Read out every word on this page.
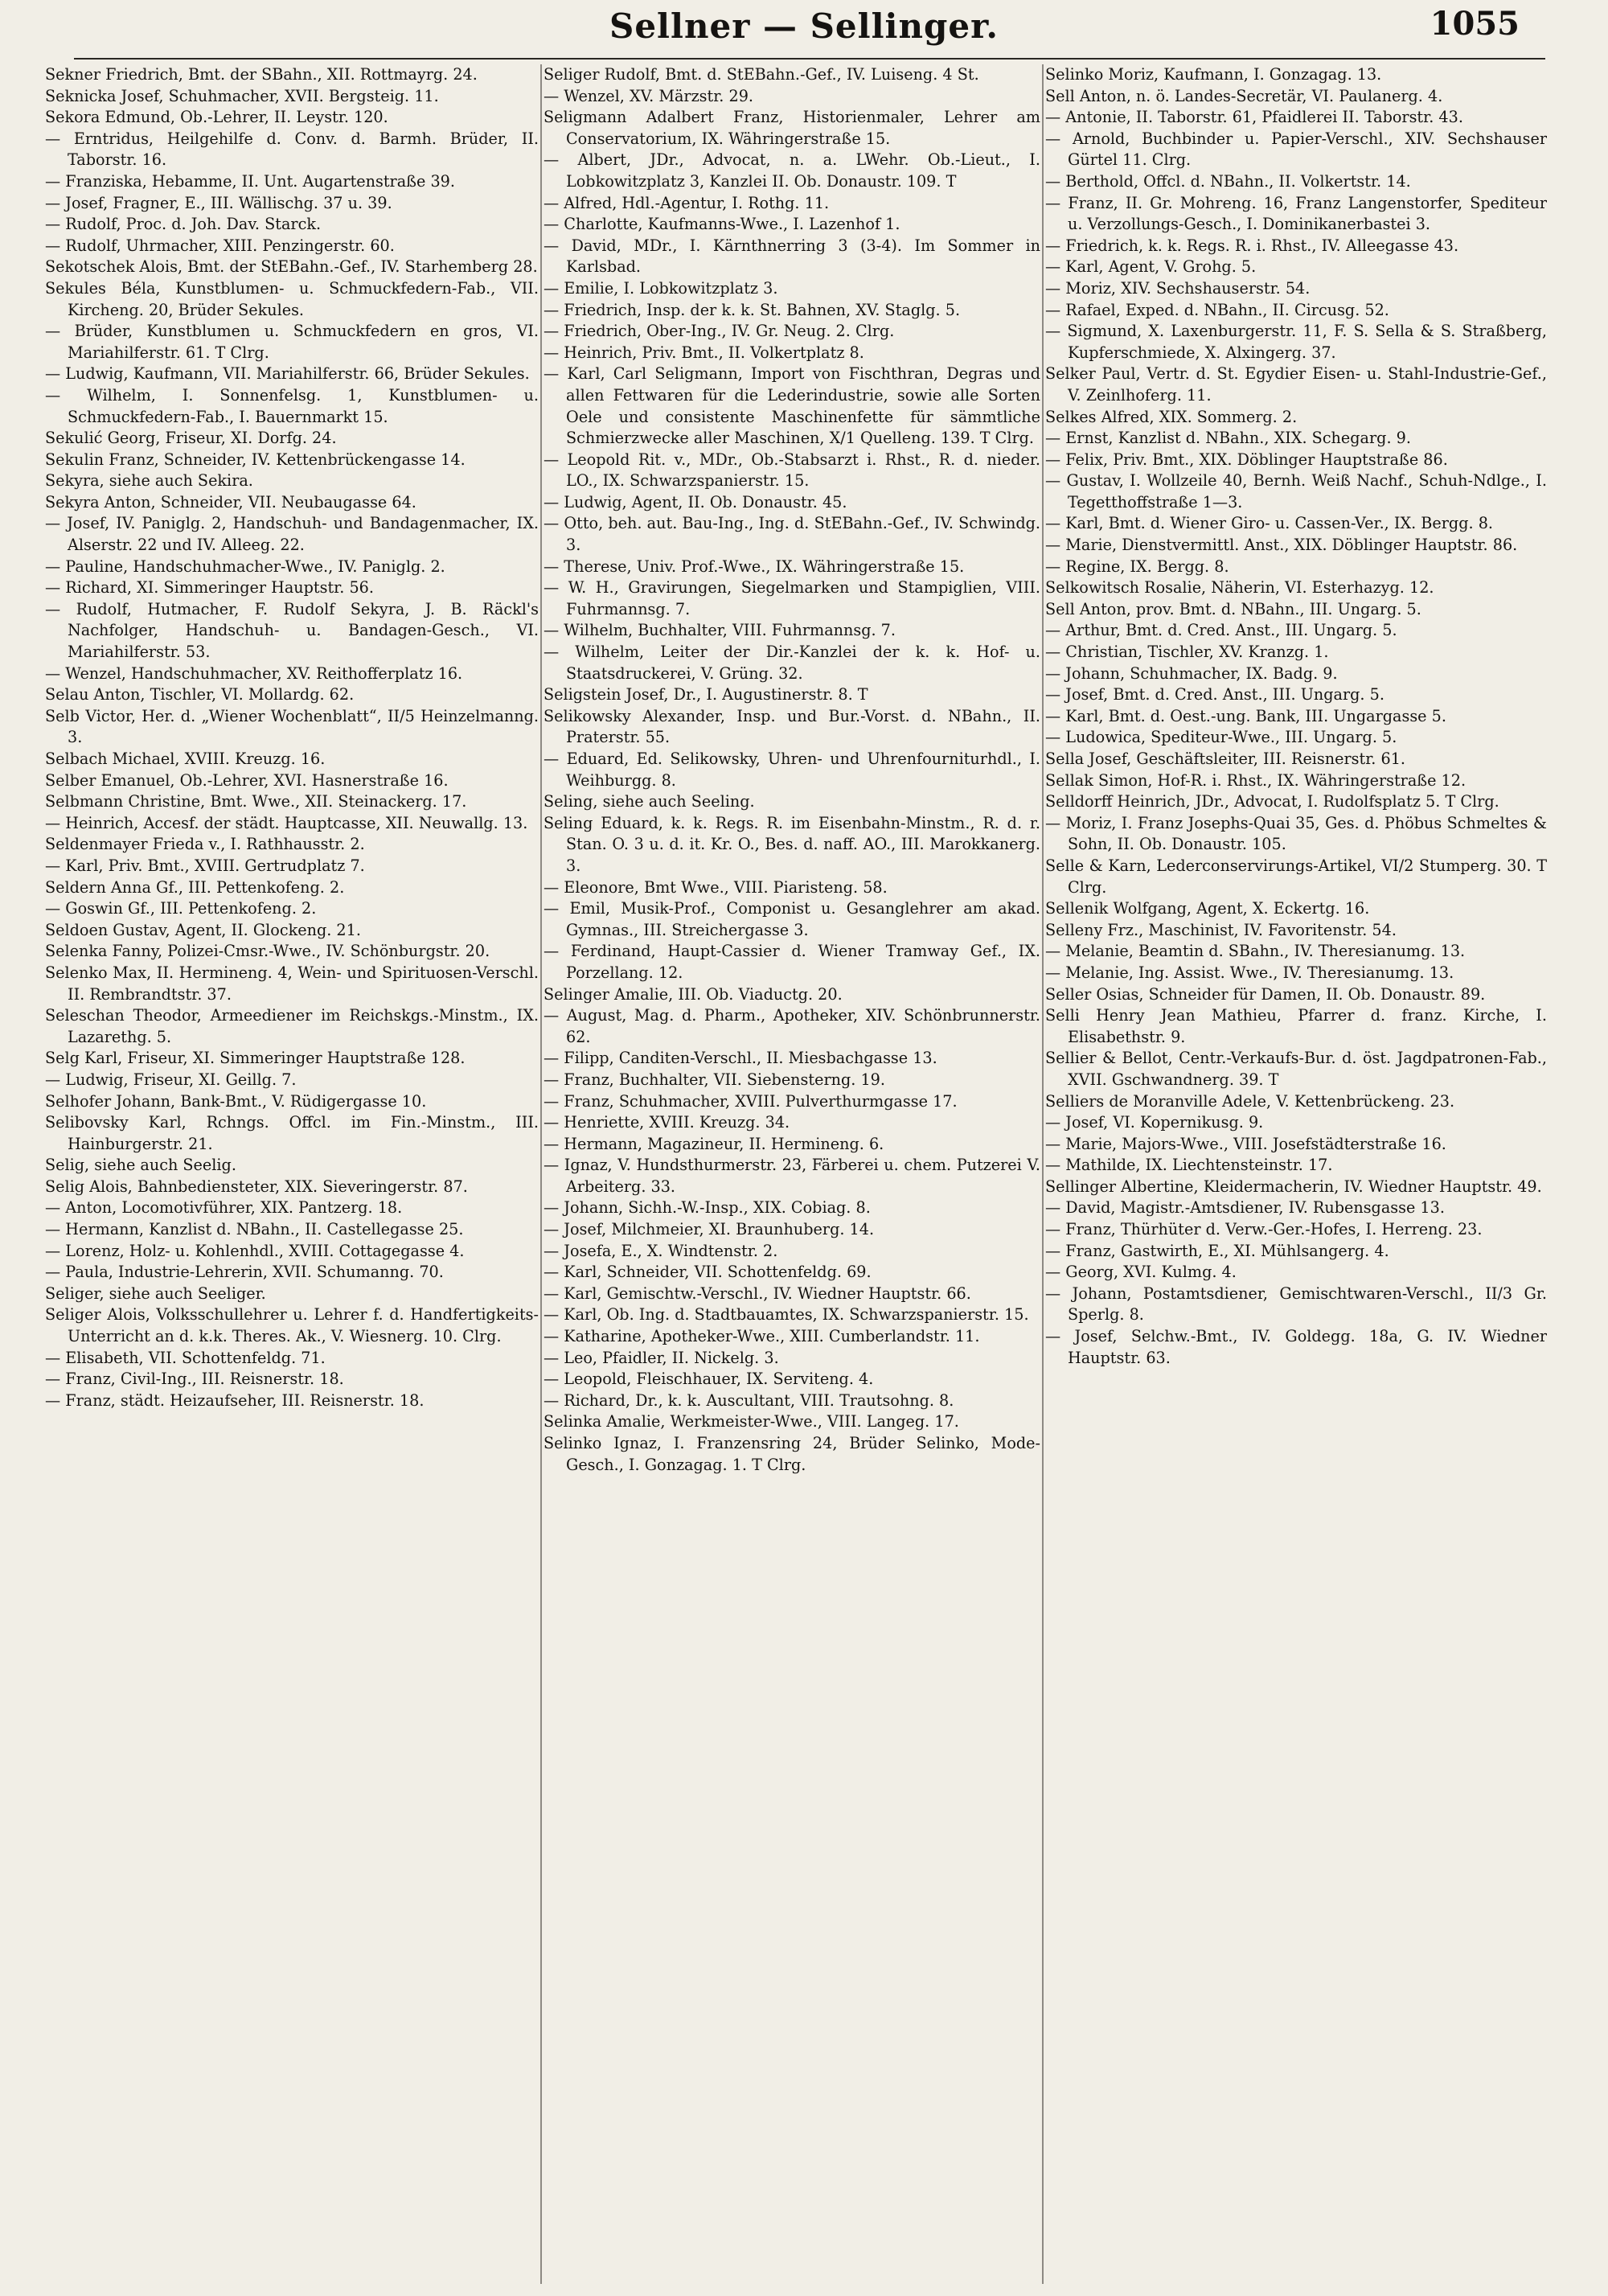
Sellner — Sellinger.	1055

Sekner Friedrich, Bmt. der SBahn., XII. Rottmayrg. 24.

Seknicka Josef, Schuhmacher, XVII. Bergsteig. 11.

Sekora Edmund, Ob.-Lehrer, II. Leystr. 120.

— Erntridus, Heilgehilfe d. Conv. d. Barmh. Brüder, II. Taborstr. 16.

— Franziska, Hebamme, II. Unt. Augartenstraße 39.

— Josef, Fragner, E., III. Wällischg. 37 u. 39.

— Rudolf, Proc. d. Joh. Dav. Starck.

— Rudolf, Uhrmacher, XIII. Penzingerstr. 60.

Sekotschek Alois, Bmt. der StEBahn.-Gef., IV. Starhemberg 28.

Sekules Béla, Kunstblumen- u. Schmuckfedern-Fab., VII. Kircheng. 20, Brüder Sekules.

— Brüder, Kunstblumen u. Schmuckfedern en gros, VI. Mariahilferstr. 61. T Clrg.

— Ludwig, Kaufmann, VII. Mariahilferstr. 66, Brüder Sekules.

— Wilhelm, I. Sonnenfelsg. 1, Kunstblumen- u. Schmuckfedern-Fab., I. Bauernmarkt 15.

Sekulić Georg, Friseur, XI. Dorfg. 24.

Sekulin Franz, Schneider, IV. Kettenbrückengasse 14.

Sekyra, siehe auch Sekira.

Sekyra Anton, Schneider, VII. Neubaugasse 64.

— Josef, IV. Paniglg. 2, Handschuh- und Bandagenmacher, IX. Alserstr. 22 und IV. Alleeg. 22.

— Pauline, Handschuhmacher-Wwe., IV. Paniglg. 2.

— Richard, XI. Simmeringer Hauptstr. 56.

— Rudolf, Hutmacher, F. Rudolf Sekyra, J. B. Räckl's Nachfolger, Handschuh- u. Bandagen-Gesch., VI. Mariahilferstr. 53.

— Wenzel, Handschuhmacher, XV. Reithofferplatz 16.

Selau Anton, Tischler, VI. Mollardg. 62.

Selb Victor, Her. d. „Wiener Wochenblatt“, II/5 Heinzelmanng. 3.

Selbach Michael, XVIII. Kreuzg. 16.

Selber Emanuel, Ob.-Lehrer, XVI. Hasnerstraße 16.

Selbmann Christine, Bmt. Wwe., XII. Steinackerg. 17.

— Heinrich, Accesf. der städt. Hauptcasse, XII. Neuwallg. 13.

Seldenmayer Frieda v., I. Rathhausstr. 2.

— Karl, Priv. Bmt., XVIII. Gertrudplatz 7.

Seldern Anna Gf., III. Pettenkofeng. 2.

— Goswin Gf., III. Pettenkofeng. 2.

Seldoen Gustav, Agent, II. Glockeng. 21.

Selenka Fanny, Polizei-Cmsr.-Wwe., IV. Schönburgstr. 20.

Selenko Max, II. Hermineng. 4, Wein- und Spirituosen-Verschl. II. Rembrandtstr. 37.

Seleschan Theodor, Armeediener im Reichskgs.-Minstm., IX. Lazarethg. 5.

Selg Karl, Friseur, XI. Simmeringer Hauptstraße 128.

— Ludwig, Friseur, XI. Geillg. 7.

Selhofer Johann, Bank-Bmt., V. Rüdigergasse 10.

Selibovsky Karl, Rchngs. Offcl. im Fin.-Minstm., III. Hainburgerstr. 21.

Selig, siehe auch Seelig.

Selig Alois, Bahnbediensteter, XIX. Sieveringerstr. 87.

— Anton, Locomotivführer, XIX. Pantzerg. 18.

— Hermann, Kanzlist d. NBahn., II. Castellegasse 25.

— Lorenz, Holz- u. Kohlenhdl., XVIII. Cottagegasse 4.

— Paula, Industrie-Lehrerin, XVII. Schumanng. 70.

Seliger, siehe auch Seeliger.

Seliger Alois, Volksschullehrer u. Lehrer f. d. Handfertigkeits-Unterricht an d. k.k. Theres. Ak., V. Wiesnerg. 10. Clrg.

— Elisabeth, VII. Schottenfeldg. 71.

— Franz, Civil-Ing., III. Reisnerstr. 18.

— Franz, städt. Heizaufseher, III. Reisnerstr. 18.

Seliger Rudolf, Bmt. d. StEBahn.-Gef., IV. Luiseng. 4 St.

— Wenzel, XV. Märzstr. 29.

Seligmann Adalbert Franz, Historienmaler, Lehrer am Conservatorium, IX. Währingerstraße 15.

— Albert, JDr., Advocat, n. a. LWehr. Ob.-Lieut., I. Lobkowitzplatz 3, Kanzlei II. Ob. Donaustr. 109. T

— Alfred, Hdl.-Agentur, I. Rothg. 11.

— Charlotte, Kaufmanns-Wwe., I. Lazenhof 1.

— David, MDr., I. Kärnthnerring 3 (3-4). Im Sommer in Karlsbad.

— Emilie, I. Lobkowitzplatz 3.

— Friedrich, Insp. der k. k. St. Bahnen, XV. Staglg. 5.

— Friedrich, Ober-Ing., IV. Gr. Neug. 2. Clrg.

— Heinrich, Priv. Bmt., II. Volkertplatz 8.

— Karl, Carl Seligmann, Import von Fischthran, Degras und allen Fettwaren für die Lederindustrie, sowie alle Sorten Oele und consistente Maschinenfette für sämmtliche Schmierzwecke aller Maschinen, X/1 Quelleng. 139. T Clrg.

— Leopold Rit. v., MDr., Ob.-Stabsarzt i. Rhst., R. d. nieder. LO., IX. Schwarzspanierstr. 15.

— Ludwig, Agent, II. Ob. Donaustr. 45.

— Otto, beh. aut. Bau-Ing., Ing. d. StEBahn.-Gef., IV. Schwindg. 3.

— Therese, Univ. Prof.-Wwe., IX. Währingerstraße 15.

— W. H., Gravirungen, Siegelmarken und Stampiglien, VIII. Fuhrmannsg. 7.

— Wilhelm, Buchhalter, VIII. Fuhrmannsg. 7.

— Wilhelm, Leiter der Dir.-Kanzlei der k. k. Hof- u. Staatsdruckerei, V. Grüng. 32.

Seligstein Josef, Dr., I. Augustinerstr. 8. T

Selikowsky Alexander, Insp. und Bur.-Vorst. d. NBahn., II. Praterstr. 55.

— Eduard, Ed. Selikowsky, Uhren- und Uhrenfourniturhdl., I. Weihburgg. 8.

Seling, siehe auch Seeling.

Seling Eduard, k. k. Regs. R. im Eisenbahn-Minstm., R. d. r. Stan. O. 3 u. d. it. Kr. O., Bes. d. naff. AO., III. Marokkanerg. 3.

— Eleonore, Bmt Wwe., VIII. Piaristeng. 58.

— Emil, Musik-Prof., Componist u. Gesanglehrer am akad. Gymnas., III. Streichergasse 3.

— Ferdinand, Haupt-Cassier d. Wiener Tramway Gef., IX. Porzellang. 12.

Selinger Amalie, III. Ob. Viaductg. 20.

— August, Mag. d. Pharm., Apotheker, XIV. Schönbrunnerstr. 62.

— Filipp, Canditen-Verschl., II. Miesbachgasse 13.

— Franz, Buchhalter, VII. Siebensterng. 19.

— Franz, Schuhmacher, XVIII. Pulverthurmgasse 17.

— Henriette, XVIII. Kreuzg. 34.

— Hermann, Magazineur, II. Hermineng. 6.

— Ignaz, V. Hundsthurmerstr. 23, Färberei u. chem. Putzerei V. Arbeiterg. 33.

— Johann, Sichh.-W.-Insp., XIX. Cobiag. 8.

— Josef, Milchmeier, XI. Braunhuberg. 14.

— Josefa, E., X. Windtenstr. 2.

— Karl, Schneider, VII. Schottenfeldg. 69.

— Karl, Gemischtw.-Verschl., IV. Wiedner Hauptstr. 66.

— Karl, Ob. Ing. d. Stadtbauamtes, IX. Schwarzspanierstr. 15.

— Katharine, Apotheker-Wwe., XIII. Cumberlandstr. 11.

— Leo, Pfaidler, II. Nickelg. 3.

— Leopold, Fleischhauer, IX. Serviteng. 4.

— Richard, Dr., k. k. Auscultant, VIII. Trautsohng. 8.

Selinka Amalie, Werkmeister-Wwe., VIII. Langeg. 17.

Selinko Ignaz, I. Franzensring 24, Brüder Selinko, Mode-Gesch., I. Gonzagag. 1. T Clrg.

Selinko Moriz, Kaufmann, I. Gonzagag. 13.

Sell Anton, n. ö. Landes-Secretär, VI. Paulanerg. 4.

— Antonie, II. Taborstr. 61, Pfaidlerei II. Taborstr. 43.

— Arnold, Buchbinder u. Papier-Verschl., XIV. Sechshauser Gürtel 11. Clrg.

— Berthold, Offcl. d. NBahn., II. Volkertstr. 14.

— Franz, II. Gr. Mohreng. 16, Franz Langenstorfer, Spediteur u. Verzollungs-Gesch., I. Dominikanerbastei 3.

— Friedrich, k. k. Regs. R. i. Rhst., IV. Alleegasse 43.

— Karl, Agent, V. Grohg. 5.

— Moriz, XIV. Sechshauserstr. 54.

— Rafael, Exped. d. NBahn., II. Circusg. 52.

— Sigmund, X. Laxenburgerstr. 11, F. S. Sella & S. Straßberg, Kupferschmiede, X. Alxingerg. 37.

Selker Paul, Vertr. d. St. Egydier Eisen- u. Stahl-Industrie-Gef., V. Zeinlhoferg. 11.

Selkes Alfred, XIX. Sommerg. 2.

— Ernst, Kanzlist d. NBahn., XIX. Schegarg. 9.

— Felix, Priv. Bmt., XIX. Döblinger Hauptstraße 86.

— Gustav, I. Wollzeile 40, Bernh. Weiß Nachf., Schuh-Ndlge., I. Tegetthoffstraße 1—3.

— Karl, Bmt. d. Wiener Giro- u. Cassen-Ver., IX. Bergg. 8.

— Marie, Dienstvermittl. Anst., XIX. Döblinger Hauptstr. 86.

— Regine, IX. Bergg. 8.

Selkowitsch Rosalie, Näherin, VI. Esterhazyg. 12.

Sell Anton, prov. Bmt. d. NBahn., III. Ungarg. 5.

— Arthur, Bmt. d. Cred. Anst., III. Ungarg. 5.

— Christian, Tischler, XV. Kranzg. 1.

— Johann, Schuhmacher, IX. Badg. 9.

— Josef, Bmt. d. Cred. Anst., III. Ungarg. 5.

— Karl, Bmt. d. Oest.-ung. Bank, III. Ungargasse 5.

— Ludowica, Spediteur-Wwe., III. Ungarg. 5.

Sella Josef, Geschäftsleiter, III. Reisnerstr. 61.

Sellak Simon, Hof-R. i. Rhst., IX. Währingerstraße 12.

Selldorff Heinrich, JDr., Advocat, I. Rudolfsplatz 5. T Clrg.

— Moriz, I. Franz Josephs-Quai 35, Ges. d. Phöbus Schmeltes & Sohn, II. Ob. Donaustr. 105.

Selle & Karn, Lederconservirungs-Artikel, VI/2 Stumperg. 30. T Clrg.

Sellenik Wolfgang, Agent, X. Eckertg. 16.

Selleny Frz., Maschinist, IV. Favoritenstr. 54.

— Melanie, Beamtin d. SBahn., IV. Theresianumg. 13.

— Melanie, Ing. Assist. Wwe., IV. Theresianumg. 13.

Seller Osias, Schneider für Damen, II. Ob. Donaustr. 89.

Selli Henry Jean Mathieu, Pfarrer d. franz. Kirche, I. Elisabethstr. 9.

Sellier & Bellot, Centr.-Verkaufs-Bur. d. öst. Jagdpatronen-Fab., XVII. Gschwandnerg. 39. T

Selliers de Moranville Adele, V. Kettenbrückeng. 23.

— Josef, VI. Kopernikusg. 9.

— Marie, Majors-Wwe., VIII. Josefstädterstraße 16.

— Mathilde, IX. Liechtensteinstr. 17.

Sellinger Albertine, Kleidermacherin, IV. Wiedner Hauptstr. 49.

— David, Magistr.-Amtsdiener, IV. Rubensgasse 13.

— Franz, Thürhüter d. Verw.-Ger.-Hofes, I. Herreng. 23.

— Franz, Gastwirth, E., XI. Mühlsangerg. 4.

— Georg, XVI. Kulmg. 4.

— Johann, Postamtsdiener, Gemischtwaren-Verschl., II/3 Gr. Sperlg. 8.

— Josef, Selchw.-Bmt., IV. Goldegg. 18a, G. IV. Wiedner Hauptstr. 63.
